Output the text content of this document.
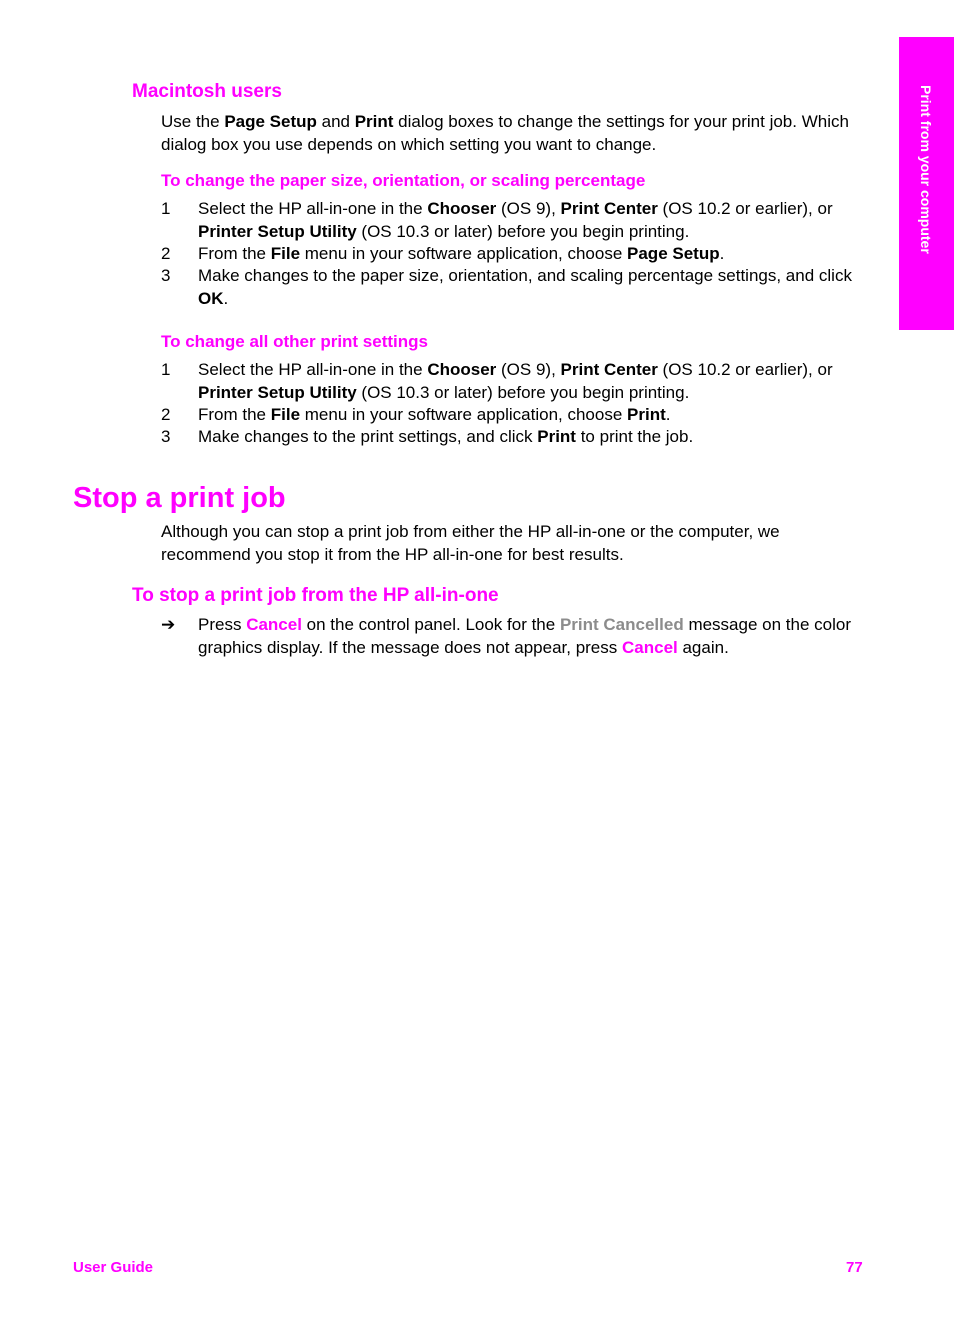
Print from your computer
Macintosh users
Use the Page Setup and Print dialog boxes to change the settings for your print job. Which dialog box you use depends on which setting you want to change.
To change the paper size, orientation, or scaling percentage
1 Select the HP all-in-one in the Chooser (OS 9), Print Center (OS 10.2 or earlier), or Printer Setup Utility (OS 10.3 or later) before you begin printing.
2 From the File menu in your software application, choose Page Setup.
3 Make changes to the paper size, orientation, and scaling percentage settings, and click OK.
To change all other print settings
1 Select the HP all-in-one in the Chooser (OS 9), Print Center (OS 10.2 or earlier), or Printer Setup Utility (OS 10.3 or later) before you begin printing.
2 From the File menu in your software application, choose Print.
3 Make changes to the print settings, and click Print to print the job.
Stop a print job
Although you can stop a print job from either the HP all-in-one or the computer, we recommend you stop it from the HP all-in-one for best results.
To stop a print job from the HP all-in-one
➔ Press Cancel on the control panel. Look for the Print Cancelled message on the color graphics display. If the message does not appear, press Cancel again.
User Guide	77
